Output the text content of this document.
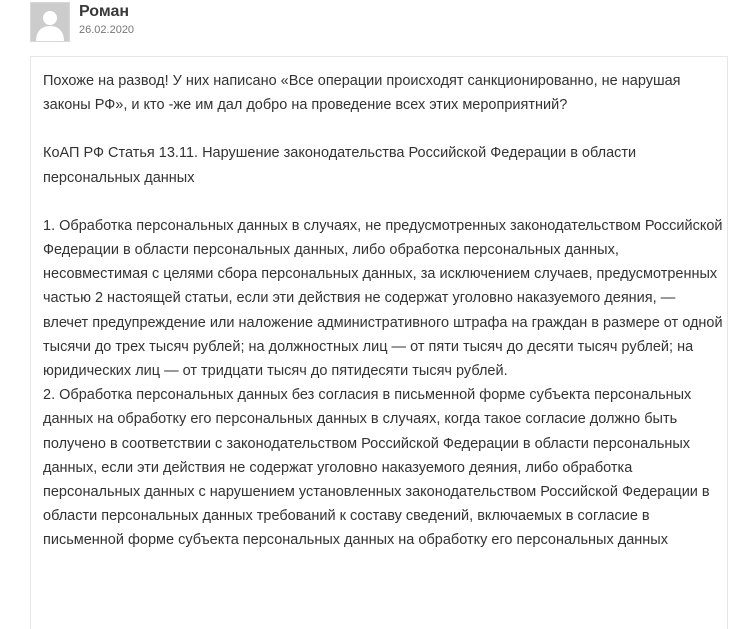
Роман
26.02.2020

Похоже на развод! У них написано «Все операции происходят санкционированно, не нарушая законы РФ», и кто -же им дал добро на проведение всех этих мероприятний?

КоАП РФ Статья 13.11. Нарушение законодательства Российской Федерации в области персональных данных

1. Обработка персональных данных в случаях, не предусмотренных законодательством Российской Федерации в области персональных данных, либо обработка персональных данных, несовместимая с целями сбора персональных данных, за исключением случаев, предусмотренных частью 2 настоящей статьи, если эти действия не содержат уголовно наказуемого деяния, —
влечет предупреждение или наложение административного штрафа на граждан в размере от одной тысячи до трех тысяч рублей; на должностных лиц — от пяти тысяч до десяти тысяч рублей; на юридических лиц — от тридцати тысяч до пятидесяти тысяч рублей.
2. Обработка персональных данных без согласия в письменной форме субъекта персональных данных на обработку его персональных данных в случаях, когда такое согласие должно быть получено в соответствии с законодательством Российской Федерации в области персональных данных, если эти действия не содержат уголовно наказуемого деяния, либо обработка персональных данных с нарушением установленных законодательством Российской Федерации в области персональных данных требований к составу сведений, включаемых в согласие в письменной форме субъекта персональных данных на обработку его персональных данных
